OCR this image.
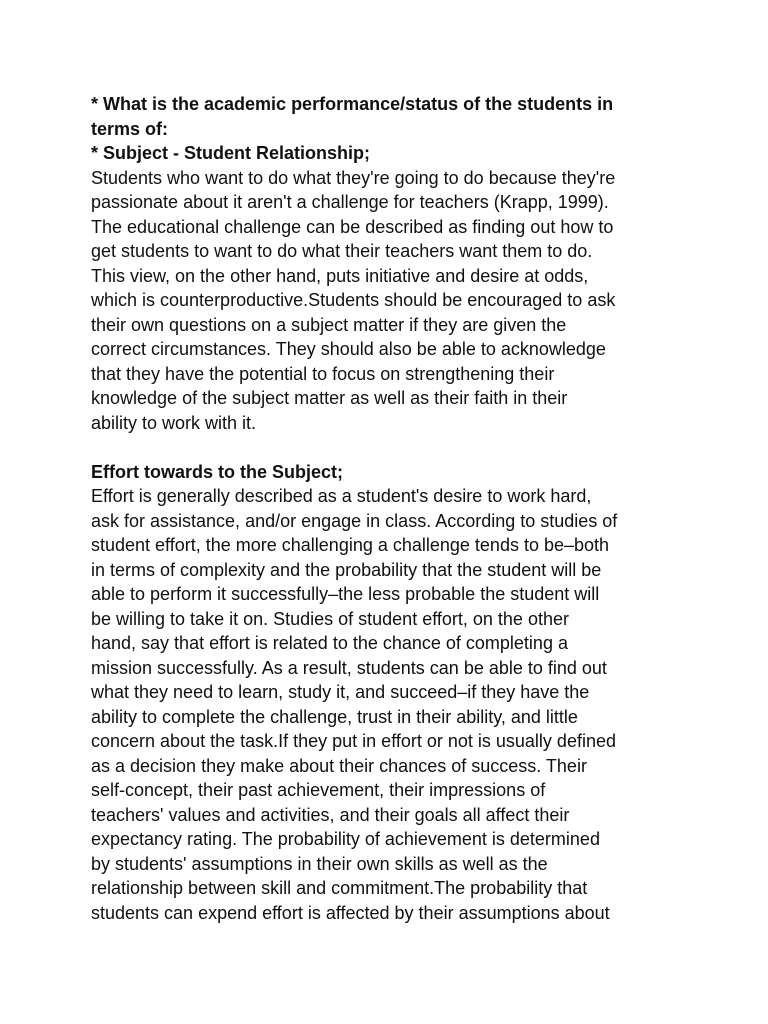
* What is the academic performance/status of the students in
terms of:
* Subject - Student Relationship;
Students who want to do what they're going to do because they're
passionate about it aren't a challenge for teachers (Krapp, 1999).
The educational challenge can be described as finding out how to
get students to want to do what their teachers want them to do.
This view, on the other hand, puts initiative and desire at odds,
which is counterproductive.Students should be encouraged to ask
their own questions on a subject matter if they are given the
correct circumstances. They should also be able to acknowledge
that they have the potential to focus on strengthening their
knowledge of the subject matter as well as their faith in their
ability to work with it.
Effort towards to the Subject;
Effort is generally described as a student's desire to work hard,
ask for assistance, and/or engage in class. According to studies of
student effort, the more challenging a challenge tends to be–both
in terms of complexity and the probability that the student will be
able to perform it successfully–the less probable the student will
be willing to take it on. Studies of student effort, on the other
hand, say that effort is related to the chance of completing a
mission successfully. As a result, students can be able to find out
what they need to learn, study it, and succeed–if they have the
ability to complete the challenge, trust in their ability, and little
concern about the task.If they put in effort or not is usually defined
as a decision they make about their chances of success. Their
self-concept, their past achievement, their impressions of
teachers' values and activities, and their goals all affect their
expectancy rating. The probability of achievement is determined
by students' assumptions in their own skills as well as the
relationship between skill and commitment.The probability that
students can expend effort is affected by their assumptions about
